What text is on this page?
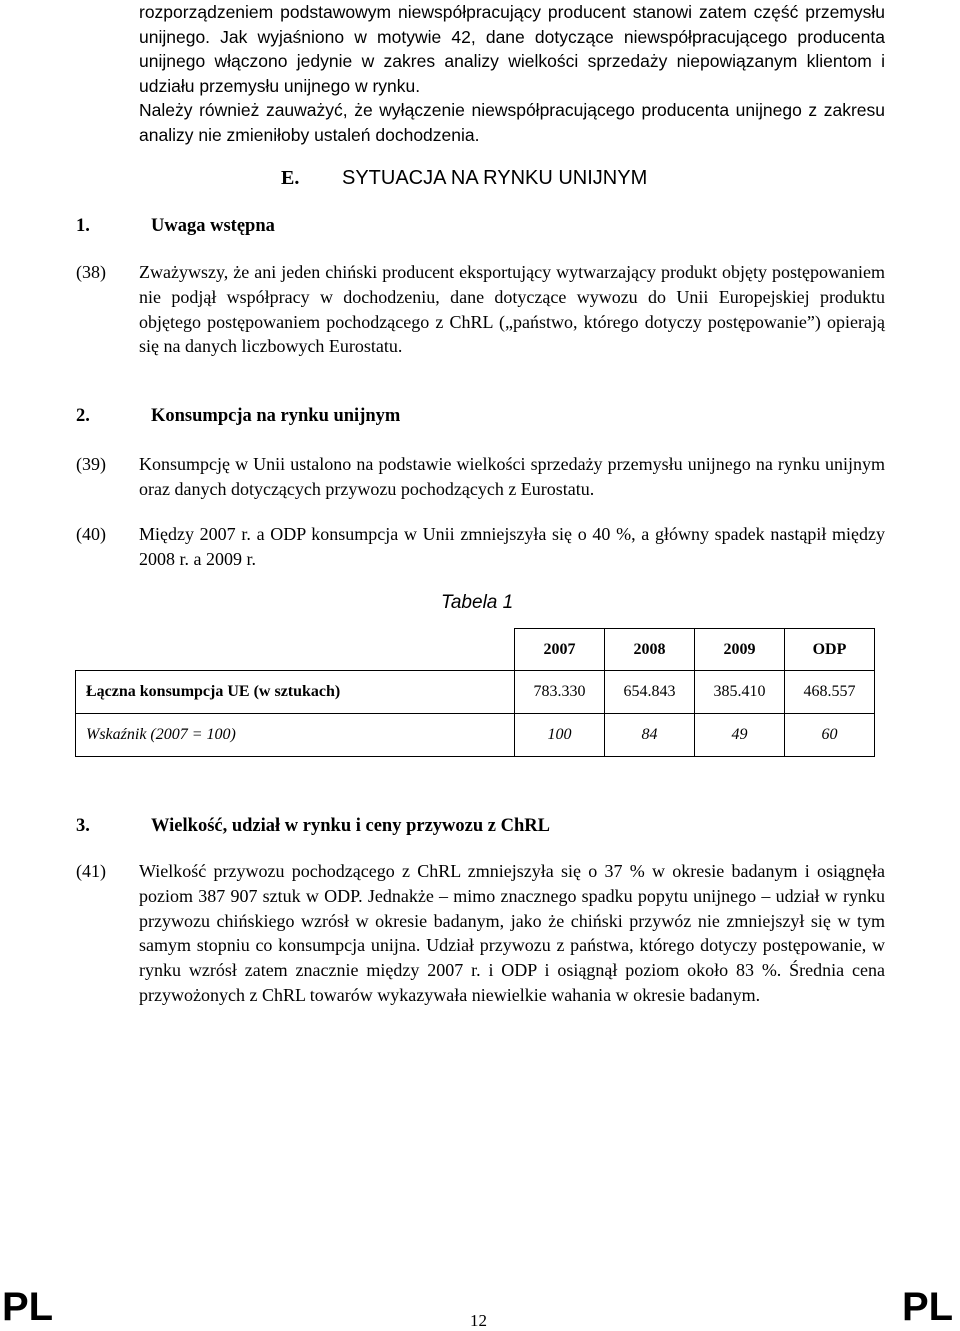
rozporządzeniem podstawowym niewspółpracujący producent stanowi zatem część przemysłu unijnego. Jak wyjaśniono w motywie 42, dane dotyczące niewspółpracującego producenta unijnego włączono jedynie w zakres analizy wielkości sprzedaży niepowiązanym klientom i udziału przemysłu unijnego w rynku.

Należy również zauważyć, że wyłączenie niewspółpracującego producenta unijnego z zakresu analizy nie zmieniłoby ustaleń dochodzenia.

E. SYTUACJA NA RYNKU UNIJNYM
1.	Uwaga wstępna
(38)	Zważywszy, że ani jeden chiński producent eksportujący wytwarzający produkt objęty postępowaniem nie podjął współpracy w dochodzeniu, dane dotyczące wywozu do Unii Europejskiej produktu objętego postępowaniem pochodzącego z ChRL („państwo, którego dotyczy postępowanie”) opierają się na danych liczbowych Eurostatu.
2.	Konsumpcja na rynku unijnym
(39)	Konsumpcję w Unii ustalono na podstawie wielkości sprzedaży przemysłu unijnego na rynku unijnym oraz danych dotyczących przywozu pochodzących z Eurostatu.
(40)	Między 2007 r. a ODP konsumpcja w Unii zmniejszyła się o 40 %, a główny spadek nastąpił między 2008 r. a 2009 r.
Tabela 1
	2007	2008	2009	ODP
Łączna konsumpcja UE (w sztukach)	783.330	654.843	385.410	468.557
Wskaźnik (2007 = 100)	100	84	49	60
3.	Wielkość, udział w rynku i ceny przywozu z ChRL
(41)	Wielkość przywozu pochodzącego z ChRL zmniejszyła się o 37 % w okresie badanym i osiągnęła poziom 387 907 sztuk w ODP. Jednakże – mimo znacznego spadku popytu unijnego – udział w rynku przywozu chińskiego wzrósł w okresie badanym, jako że chiński przywóz nie zmniejszył się w tym samym stopniu co konsumpcja unijna. Udział przywozu z państwa, którego dotyczy postępowanie, w rynku wzrósł zatem znacznie między 2007 r. i ODP i osiągnął poziom około 83 %. Średnia cena przywożonych z ChRL towarów wykazywała niewielkie wahania w okresie badanym.
PL	12	PL
